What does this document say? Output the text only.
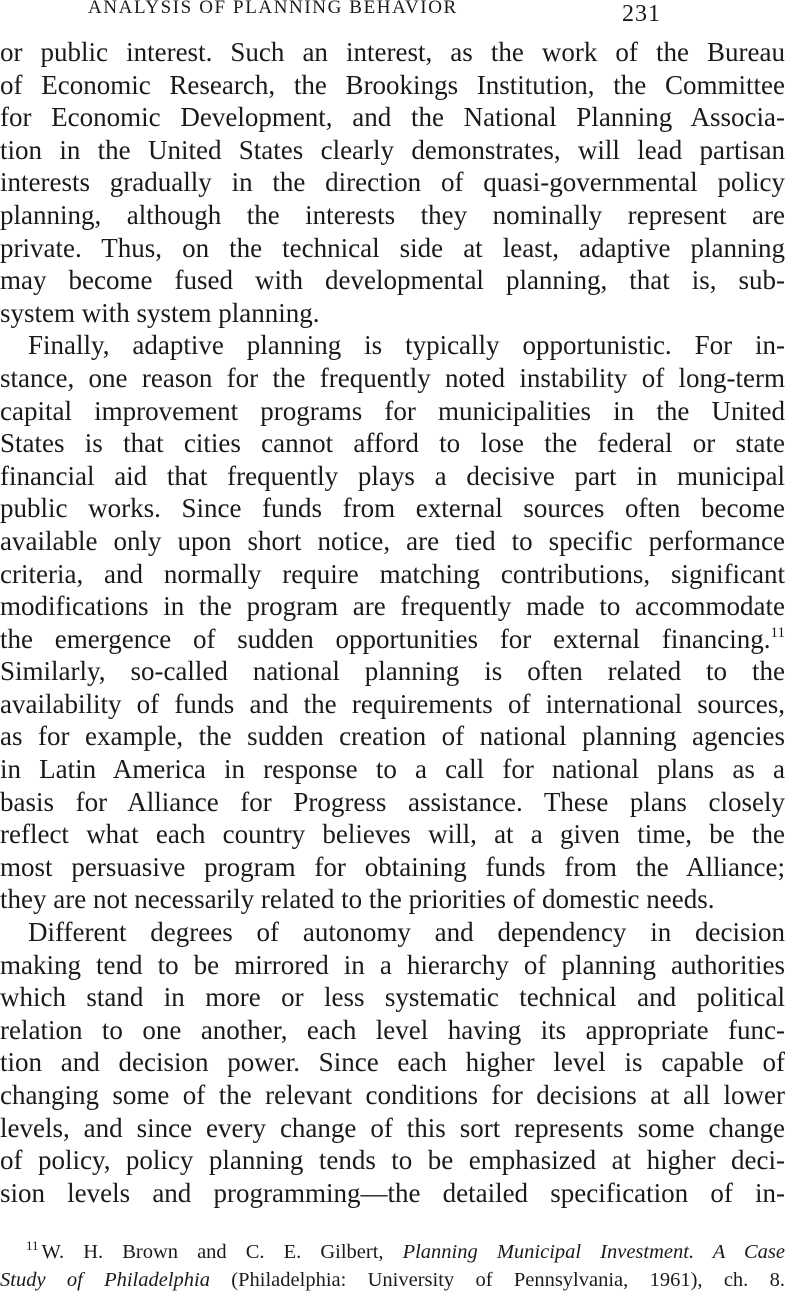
ANALYSIS OF PLANNING BEHAVIOR	231
or public interest. Such an interest, as the work of the Bureau
of Economic Research, the Brookings Institution, the Committee
for Economic Development, and the National Planning Associa-
tion in the United States clearly demonstrates, will lead partisan
interests gradually in the direction of quasi-governmental policy
planning, although the interests they nominally represent are
private. Thus, on the technical side at least, adaptive planning
may become fused with developmental planning, that is, sub-
system with system planning.
Finally, adaptive planning is typically opportunistic. For in-
stance, one reason for the frequently noted instability of long-term
capital improvement programs for municipalities in the United
States is that cities cannot afford to lose the federal or state
financial aid that frequently plays a decisive part in municipal
public works. Since funds from external sources often become
available only upon short notice, are tied to specific performance
criteria, and normally require matching contributions, significant
modifications in the program are frequently made to accommodate
the emergence of sudden opportunities for external financing.$^{11}$
Similarly, so-called national planning is often related to the
availability of funds and the requirements of international sources,
as for example, the sudden creation of national planning agencies
in Latin America in response to a call for national plans as a
basis for Alliance for Progress assistance. These plans closely
reflect what each country believes will, at a given time, be the
most persuasive program for obtaining funds from the Alliance;
they are not necessarily related to the priorities of domestic needs.
Different degrees of autonomy and dependency in decision
making tend to be mirrored in a hierarchy of planning authorities
which stand in more or less systematic technical and political
relation to one another, each level having its appropriate func-
tion and decision power. Since each higher level is capable of
changing some of the relevant conditions for decisions at all lower
levels, and since every change of this sort represents some change
of policy, policy planning tends to be emphasized at higher deci-
sion levels and programming—the detailed specification of in-
$^{11}$ W. H. Brown and C. E. Gilbert, Planning Municipal Investment. A Case
Study of Philadelphia (Philadelphia: University of Pennsylvania, 1961), ch. 8.
